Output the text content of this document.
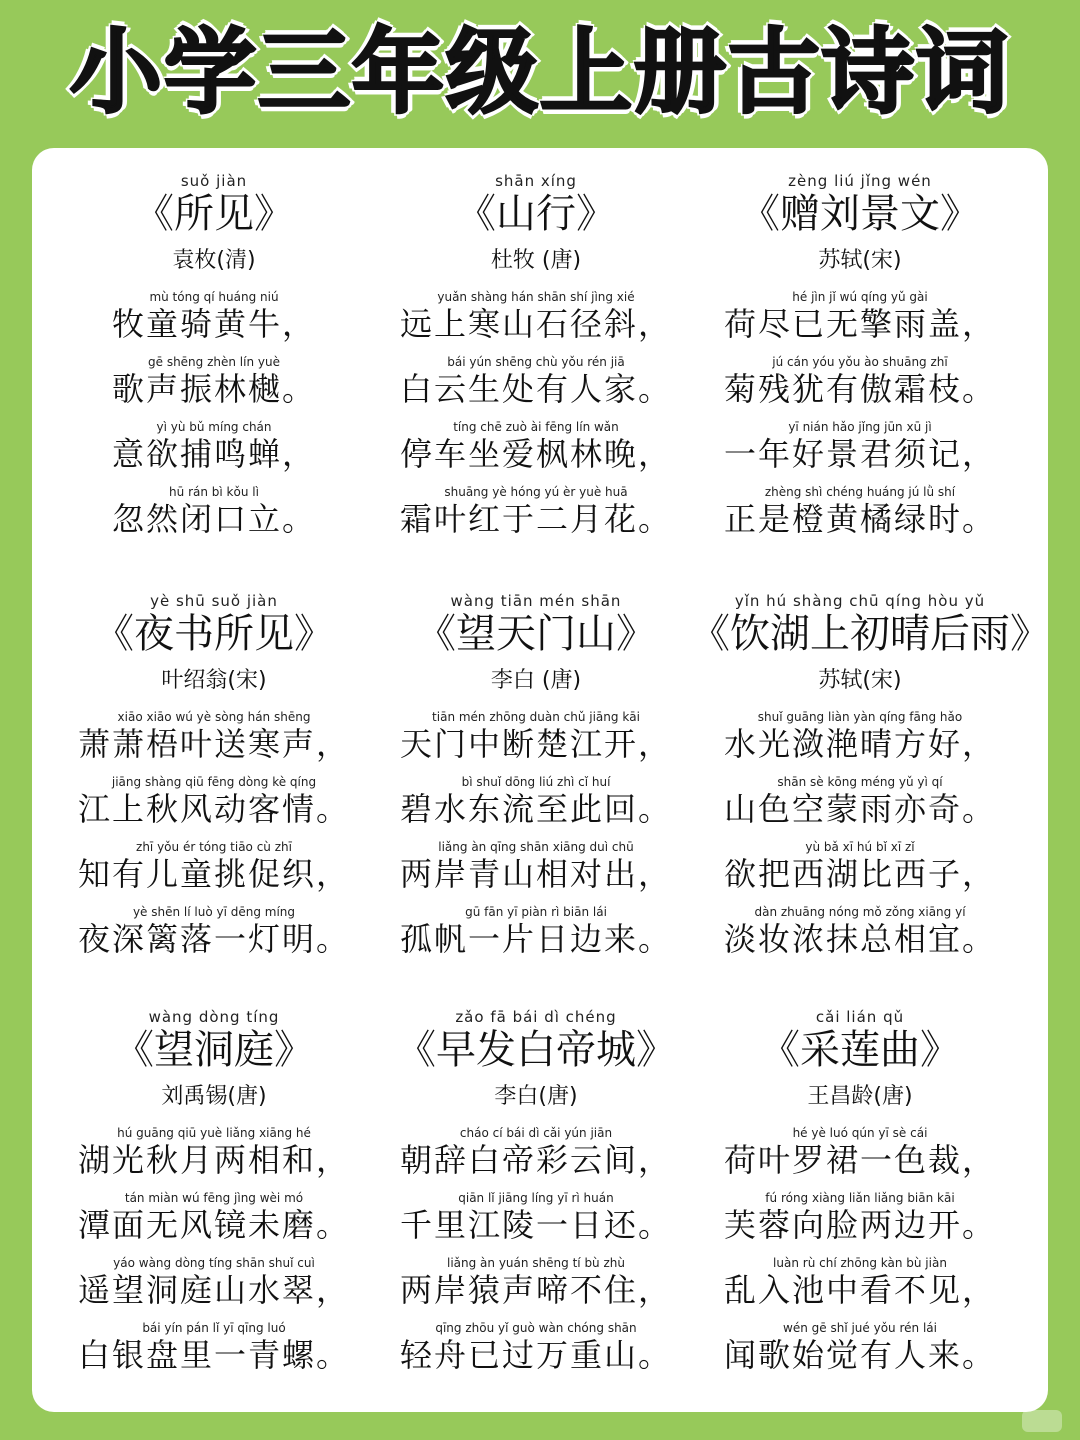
小学三年级上册古诗词
suǒ jiàn
《所见》
袁枚(清)
mù tóng qí huáng niú
牧童骑黄牛，
gē shēng zhèn lín yuè
歌声振林樾。
yì yù bǔ míng chán
意欲捕鸣蝉，
hū rán bì kǒu lì
忽然闭口立。
shān xíng
《山行》
杜牧 (唐)
yuǎn shàng hán shān shí jìng xié
远上寒山石径斜，
bái yún shēng chù yǒu rén jiā
白云生处有人家。
tíng chē zuò ài fēng lín wǎn
停车坐爱枫林晚，
shuāng yè hóng yú èr yuè huā
霜叶红于二月花。
zèng liú jǐng wén
《赠刘景文》
苏轼(宋)
hé jìn jǐ wú qíng yǔ gài
荷尽已无擎雨盖，
jú cán yóu yǒu ào shuāng zhī
菊残犹有傲霜枝。
yī nián hǎo jǐng jūn xū jì
一年好景君须记，
zhèng shì chéng huáng jú lǜ shí
正是橙黄橘绿时。
yè shū suǒ jiàn
《夜书所见》
叶绍翁(宋)
xiāo xiāo wú yè sòng hán shēng
萧萧梧叶送寒声，
jiāng shàng qiū fēng dòng kè qíng
江上秋风动客情。
zhī yǒu ér tóng tiāo cù zhī
知有儿童挑促织，
yè shēn lí luò yī dēng míng
夜深篱落一灯明。
wàng tiān mén shān
《望天门山》
李白 (唐)
tiān mén zhōng duàn chǔ jiāng kāi
天门中断楚江开，
bì shuǐ dōng liú zhì cǐ huí
碧水东流至此回。
liǎng àn qīng shān xiāng duì chū
两岸青山相对出，
gū fān yī piàn rì biān lái
孤帆一片日边来。
yǐn hú shàng chū qíng hòu yǔ
《饮湖上初晴后雨》
苏轼(宋)
shuǐ guāng liàn yàn qíng fāng hǎo
水光潋滟晴方好，
shān sè kōng méng yǔ yì qí
山色空蒙雨亦奇。
yù bǎ xī hú bǐ xī zǐ
欲把西湖比西子，
dàn zhuāng nóng mǒ zǒng xiāng yí
淡妆浓抹总相宜。
wàng dòng tíng
《望洞庭》
刘禹锡(唐)
hú guāng qiū yuè liǎng xiāng hé
湖光秋月两相和，
tán miàn wú fēng jìng wèi mó
潭面无风镜未磨。
yáo wàng dòng tíng shān shuǐ cuì
遥望洞庭山水翠，
bái yín pán lǐ yī qīng luó
白银盘里一青螺。
zǎo fā bái dì chéng
《早发白帝城》
李白(唐)
cháo cí bái dì cǎi yún jiān
朝辞白帝彩云间，
qiān lǐ jiāng líng yī rì huán
千里江陵一日还。
liǎng àn yuán shēng tí bù zhù
两岸猿声啼不住，
qīng zhōu yǐ guò wàn chóng shān
轻舟已过万重山。
cǎi lián qǔ
《采莲曲》
王昌龄(唐)
hé yè luó qún yī sè cái
荷叶罗裙一色裁，
fú róng xiàng liǎn liǎng biān kāi
芙蓉向脸两边开。
luàn rù chí zhōng kàn bù jiàn
乱入池中看不见，
wén gē shǐ jué yǒu rén lái
闻歌始觉有人来。
